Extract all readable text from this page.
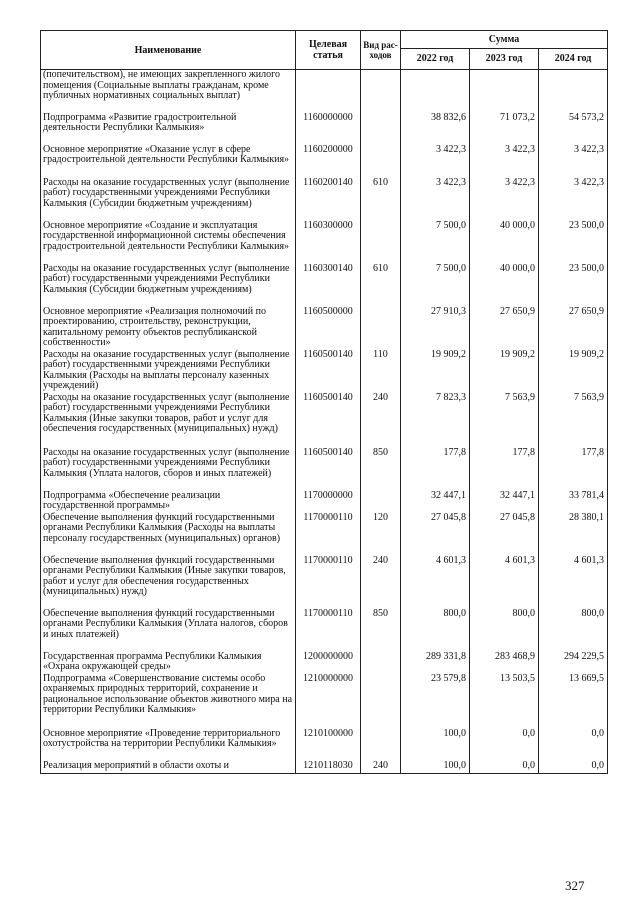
Наименование	Целевая статья	Вид рас- ходов	Сумма		
			2022 год	2023 год	2024 год
(попечительством), не имеющих закрепленного жилого помещения (Социальные выплаты гражданам, кроме публичных нормативных социальных выплат)					
Подпрограмма «Развитие градостроительной деятельности Республики Калмыкия»	1160000000		38 832,6	71 073,2	54 573,2
Основное мероприятие «Оказание услуг в сфере градостроительной деятельности Республики Калмыкия»	1160200000		3 422,3	3 422,3	3 422,3
Расходы на оказание государственных услуг (выполнение работ) государственными учреждениями Республики Калмыкия (Субсидии бюджетным учреждениям)	1160200140	610	3 422,3	3 422,3	3 422,3
Основное мероприятие «Создание и эксплуатация государственной информационной системы обеспечения градостроительной деятельности Республики Калмыкия»	1160300000		7 500,0	40 000,0	23 500,0
Расходы на оказание государственных услуг (выполнение работ) государственными учреждениями Республики Калмыкия (Субсидии бюджетным учреждениям)	1160300140	610	7 500,0	40 000,0	23 500,0
Основное мероприятие «Реализация полномочий по проектированию, строительству, реконструкции, капитальному ремонту объектов республиканской собственности»	1160500000		27 910,3	27 650,9	27 650,9
Расходы на оказание государственных услуг (выполнение работ) государственными учреждениями Республики Калмыкия (Расходы на выплаты персоналу казенных учреждений)	1160500140	110	19 909,2	19 909,2	19 909,2
Расходы на оказание государственных услуг (выполнение работ) государственными учреждениями Республики Калмыкия (Иные закупки товаров, работ и услуг для обеспечения государственных (муниципальных) нужд)	1160500140	240	7 823,3	7 563,9	7 563,9
Расходы на оказание государственных услуг (выполнение работ) государственными учреждениями Республики Калмыкия (Уплата налогов, сборов и иных платежей)	1160500140	850	177,8	177,8	177,8
Подпрограмма «Обеспечение реализации государственной программы»	1170000000		32 447,1	32 447,1	33 781,4
Обеспечение выполнения функций государственными органами Республики Калмыкия (Расходы на выплаты персоналу государственных (муниципальных) органов)	1170000110	120	27 045,8	27 045,8	28 380,1
Обеспечение выполнения функций государственными органами Республики Калмыкия (Иные закупки товаров, работ и услуг для обеспечения государственных (муниципальных) нужд)	1170000110	240	4 601,3	4 601,3	4 601,3
Обеспечение выполнения функций государственными органами Республики Калмыкия (Уплата налогов, сборов и иных платежей)	1170000110	850	800,0	800,0	800,0
Государственная программа Республики Калмыкия «Охрана окружающей среды»	1200000000		289 331,8	283 468,9	294 229,5
Подпрограмма «Совершенствование системы особо охраняемых природных территорий, сохранение и рациональное использование объектов животного мира на территории Республики Калмыкия»	1210000000		23 579,8	13 503,5	13 669,5
Основное мероприятие «Проведение территориального охотустройства на территории Республики Калмыкия»	1210100000		100,0	0,0	0,0
Реализация мероприятий в области охоты и	1210118030	240	100,0	0,0	0,0
327
